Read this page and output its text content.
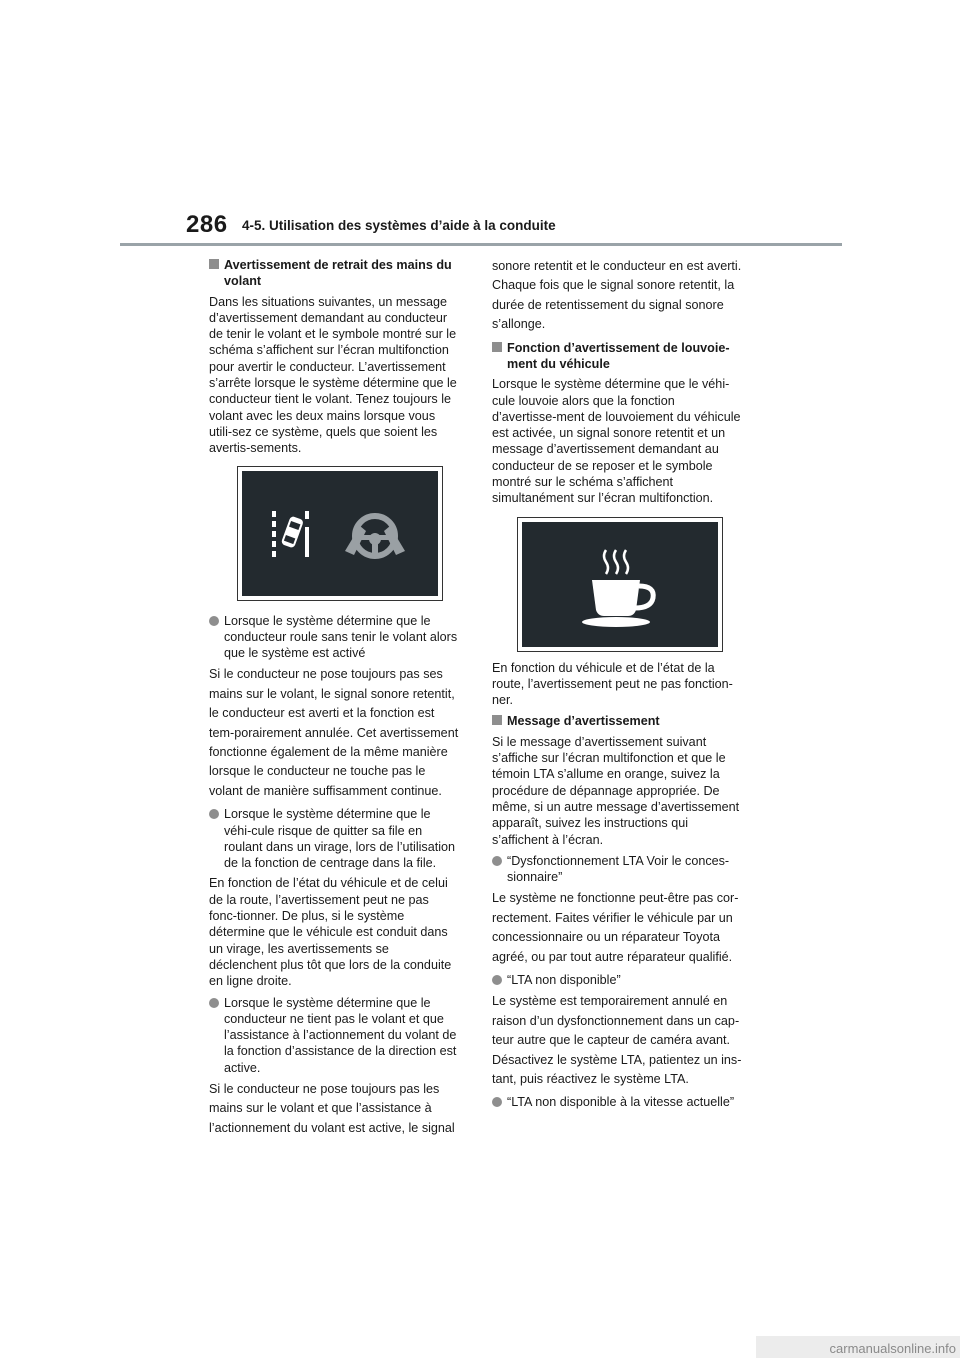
286 4-5. Utilisation des systèmes d’aide à la conduite

Avertissement de retrait des mains du volant

Dans les situations suivantes, un message d’avertissement demandant au conducteur de tenir le volant et le symbole montré sur le schéma s’affichent sur l’écran multifonction pour avertir le conducteur. L’avertissement s’arrête lorsque le système détermine que le conducteur tient le volant. Tenez toujours le volant avec les deux mains lorsque vous utili-sez ce système, quels que soient les avertis-sements.

Lorsque le système détermine que le conducteur roule sans tenir le volant alors que le système est activé

Si le conducteur ne pose toujours pas ses mains sur le volant, le signal sonore retentit, le conducteur est averti et la fonction est tem-porairement annulée. Cet avertissement fonctionne également de la même manière lorsque le conducteur ne touche pas le volant de manière suffisamment continue.

Lorsque le système détermine que le véhi-cule risque de quitter sa file en roulant dans un virage, lors de l’utilisation de la fonction de centrage dans la file.

En fonction de l’état du véhicule et de celui de la route, l’avertissement peut ne pas fonc-tionner. De plus, si le système détermine que le véhicule est conduit dans un virage, les avertissements se déclenchent plus tôt que lors de la conduite en ligne droite.

Lorsque le système détermine que le conducteur ne tient pas le volant et que l’assistance à l’actionnement du volant de la fonction d’assistance de la direction est active.

Si le conducteur ne pose toujours pas les mains sur le volant et que l’assistance à l’actionnement du volant est active, le signal

sonore retentit et le conducteur en est averti. Chaque fois que le signal sonore retentit, la durée de retentissement du signal sonore s’allonge.

Fonction d’avertissement de louvoie-ment du véhicule

Lorsque le système détermine que le véhi-cule louvoie alors que la fonction d’avertisse-ment de louvoiement du véhicule est activée, un signal sonore retentit et un message d’avertissement demandant au conducteur de se reposer et le symbole montré sur le schéma s’affichent simultanément sur l’écran multifonction.

En fonction du véhicule et de l’état de la route, l’avertissement peut ne pas fonction-ner.

Message d’avertissement

Si le message d’avertissement suivant s’affiche sur l’écran multifonction et que le témoin LTA s’allume en orange, suivez la procédure de dépannage appropriée. De même, si un autre message d’avertissement apparaît, suivez les instructions qui s’affichent à l’écran.

“Dysfonctionnement LTA Voir le conces-sionnaire”

Le système ne fonctionne peut-être pas cor-rectement. Faites vérifier le véhicule par un concessionnaire ou un réparateur Toyota agréé, ou par tout autre réparateur qualifié.

“LTA non disponible”

Le système est temporairement annulé en raison d’un dysfonctionnement dans un cap-teur autre que le capteur de caméra avant. Désactivez le système LTA, patientez un ins-tant, puis réactivez le système LTA.

“LTA non disponible à la vitesse actuelle”

carmanualsonline.info
